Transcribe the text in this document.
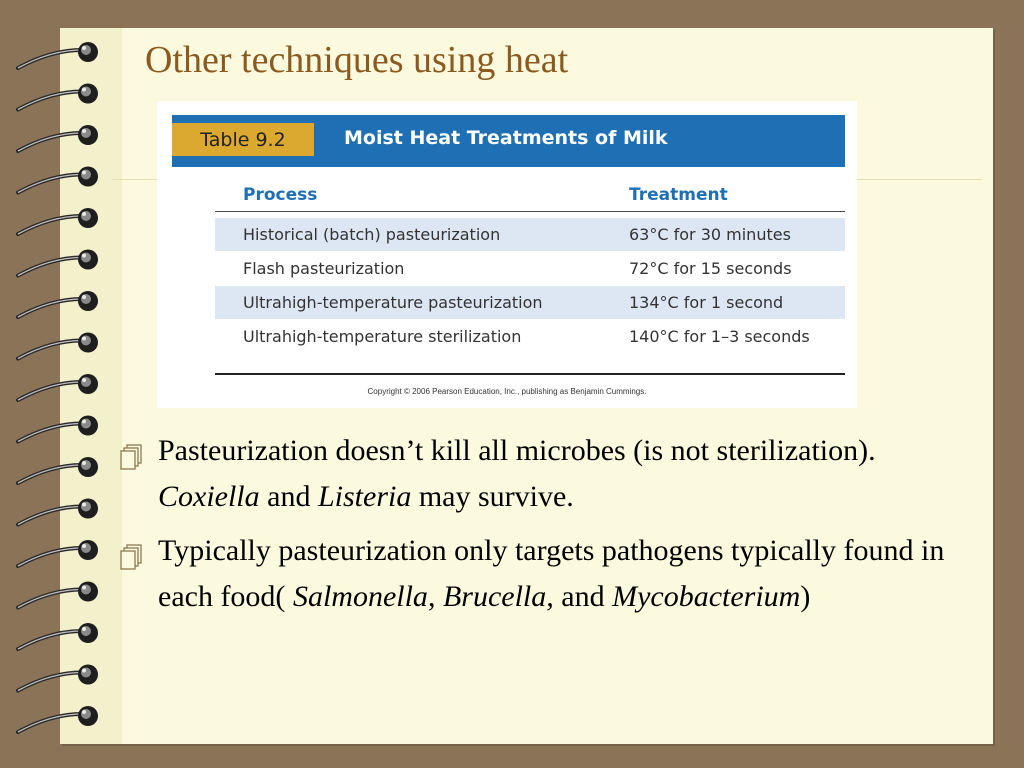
Other techniques using heat
Table 9.2	Moist Heat Treatments of Milk
Process	Treatment
Historical (batch) pasteurization	63°C for 30 minutes
Flash pasteurization	72°C for 15 seconds
Ultrahigh-temperature pasteurization	134°C for 1 second
Ultrahigh-temperature sterilization	140°C for 1–3 seconds
Copyright © 2006 Pearson Education, Inc., publishing as Benjamin Cummings.
Pasteurization doesn’t kill all microbes (is not sterilization). Coxiella and Listeria may survive.
Typically pasteurization only targets pathogens typically found in each food( Salmonella, Brucella, and Mycobacterium)
